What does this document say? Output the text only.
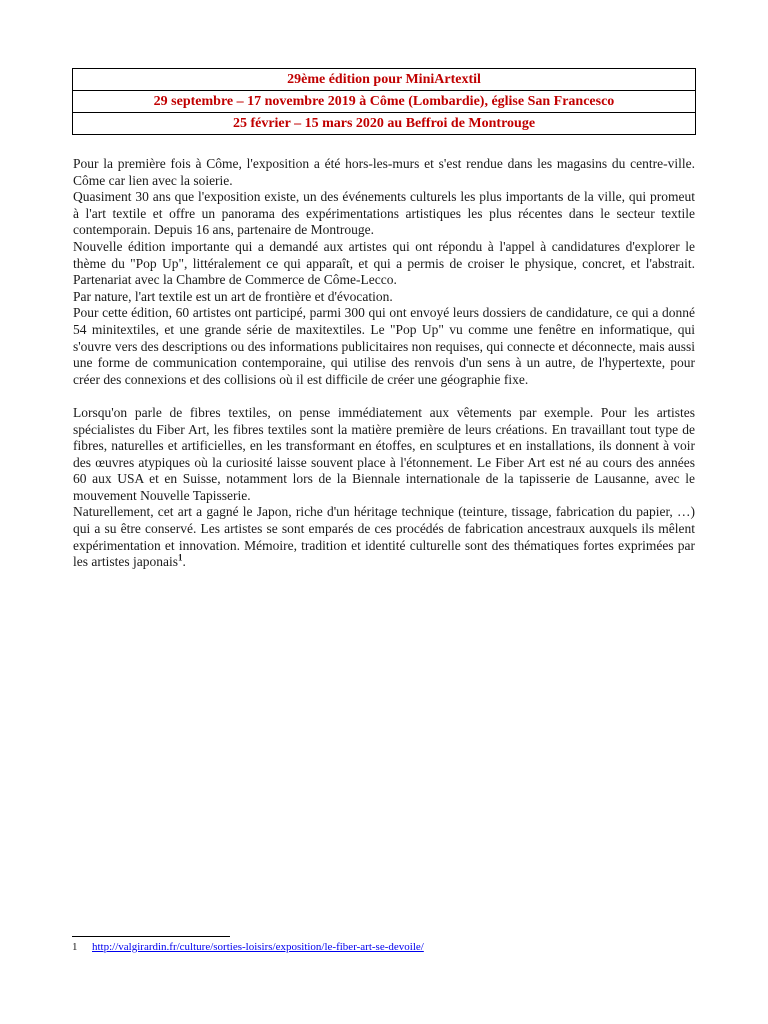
29ème édition pour MiniArtextil
29 septembre – 17 novembre 2019 à Côme (Lombardie), église San Francesco
25 février – 15 mars 2020 au Beffroi de Montrouge

Pour la première fois à Côme, l'exposition a été hors-les-murs et s'est rendue dans les magasins du centre-ville. Côme car lien avec la soierie.

Quasiment 30 ans que l'exposition existe, un des événements culturels les plus importants de la ville, qui promeut à l'art textile et offre un panorama des expérimentations artistiques les plus récentes dans le secteur textile contemporain. Depuis 16 ans, partenaire de Montrouge.

Nouvelle édition importante qui a demandé aux artistes qui ont répondu à l'appel à candidatures d'explorer le thème du "Pop Up", littéralement ce qui apparaît, et qui a permis de croiser le physique, concret, et l'abstrait. Partenariat avec la Chambre de Commerce de Côme-Lecco.

Par nature, l'art textile est un art de frontière et d'évocation.

Pour cette édition, 60 artistes ont participé, parmi 300 qui ont envoyé leurs dossiers de candidature, ce qui a donné 54 minitextiles, et une grande série de maxitextiles. Le "Pop Up" vu comme une fenêtre en informatique, qui s'ouvre vers des descriptions ou des informations publicitaires non requises, qui connecte et déconnecte, mais aussi une forme de communication contemporaine, qui utilise des renvois d'un sens à un autre, de l'hypertexte, pour créer des connexions et des collisions où il est difficile de créer une géographie fixe.

Lorsqu'on parle de fibres textiles, on pense immédiatement aux vêtements par exemple. Pour les artistes spécialistes du Fiber Art, les fibres textiles sont la matière première de leurs créations. En travaillant tout type de fibres, naturelles et artificielles, en les transformant en étoffes, en sculptures et en installations, ils donnent à voir des œuvres atypiques où la curiosité laisse souvent place à l'étonnement. Le Fiber Art est né au cours des années 60 aux USA et en Suisse, notamment lors de la Biennale internationale de la tapisserie de Lausanne, avec le mouvement Nouvelle Tapisserie.

Naturellement, cet art a gagné le Japon, riche d'un héritage technique (teinture, tissage, fabrication du papier, …) qui a su être conservé. Les artistes se sont emparés de ces procédés de fabrication ancestraux auxquels ils mêlent expérimentation et innovation. Mémoire, tradition et identité culturelle sont des thématiques fortes exprimées par les artistes japonais$^1$.

1 http://valgirardin.fr/culture/sorties-loisirs/exposition/le-fiber-art-se-devoile/
